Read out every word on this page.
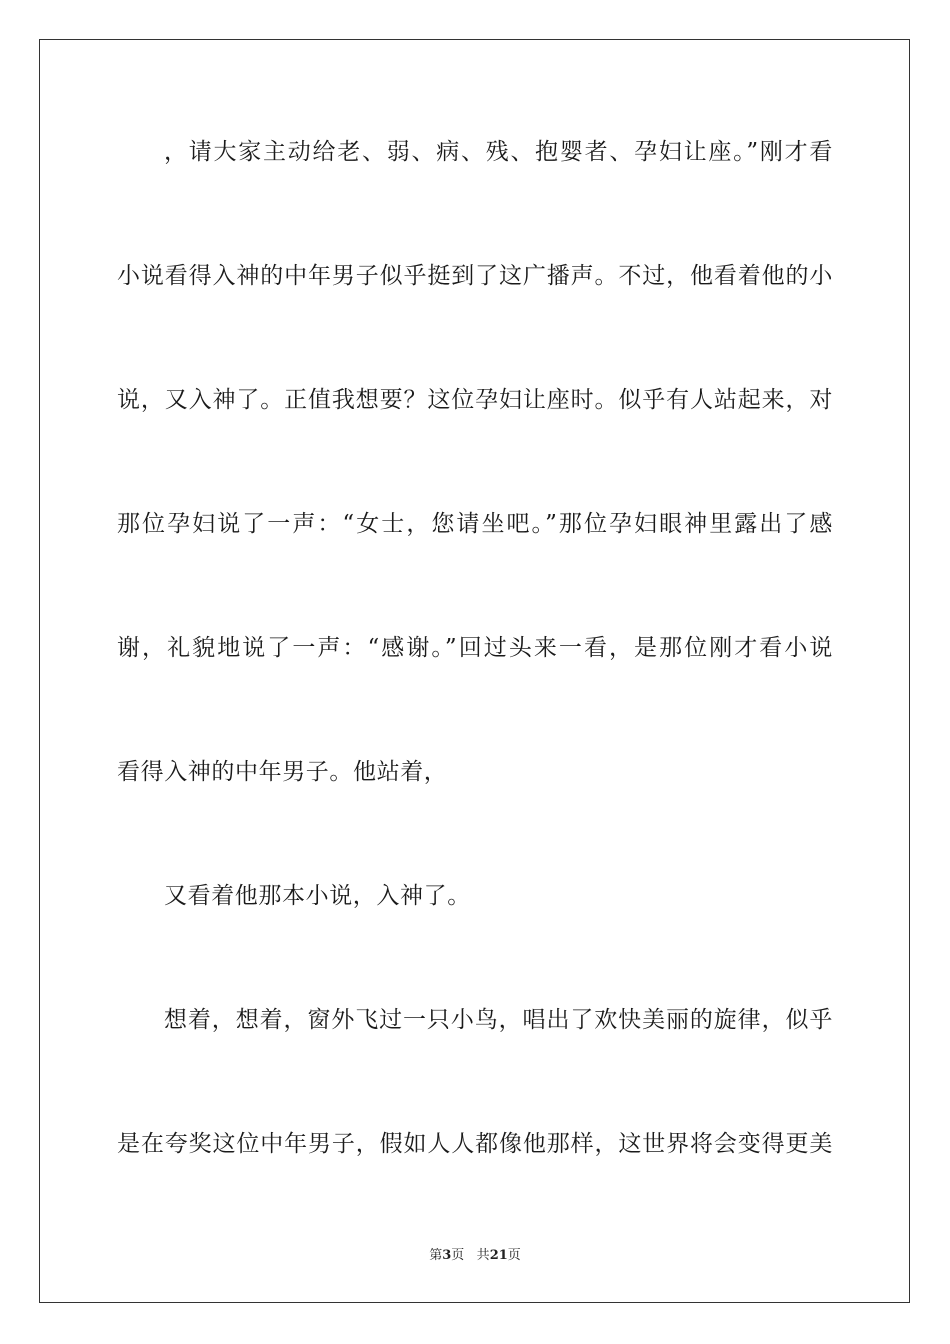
，请大家主动给老、弱、病、残、抱婴者、孕妇让座。”刚才看
小说看得入神的中年男子似乎挺到了这广播声。不过，他看着他的小
说，又入神了。正值我想要？这位孕妇让座时。似乎有人站起来，对
那位孕妇说了一声：“女士，您请坐吧。”那位孕妇眼神里露出了感
谢，礼貌地说了一声：“感谢。”回过头来一看，是那位刚才看小说
看得入神的中年男子。他站着，
又看着他那本小说，入神了。
想着，想着，窗外飞过一只小鸟，唱出了欢快美丽的旋律，似乎
是在夸奖这位中年男子，假如人人都像他那样，这世界将会变得更美
第3页 共21页
